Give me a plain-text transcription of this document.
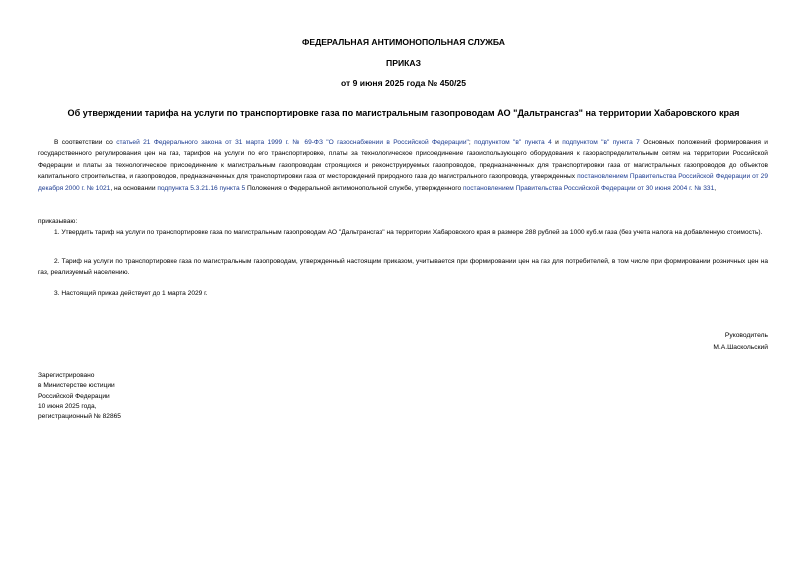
ФЕДЕРАЛЬНАЯ АНТИМОНОПОЛЬНАЯ СЛУЖБА
ПРИКАЗ
от 9 июня 2025 года № 450/25
Об утверждении тарифа на услуги по транспортировке газа по магистральным газопроводам АО "Дальтрансгаз" на территории Хабаровского края
В соответствии со статьей 21 Федерального закона от 31 марта 1999 г. № 69-ФЗ "О газоснабжении в Российской Федерации"; подпунктом "в" пункта 4 и подпунктом "в" пункта 7 Основных положений формирования и государственного регулирования цен на газ, тарифов на услуги по его транспортировке, платы за технологическое присоединение газоиспользующего оборудования к газораспределительным сетям на территории Российской Федерации и платы за технологическое присоединение к магистральным газопроводам строящихся и реконструируемых газопроводов, предназначенных для транспортировки газа от магистральных газопроводов до объектов капитального строительства, и газопроводов, предназначенных для транспортировки газа от месторождений природного газа до магистрального газопровода, утвержденных постановлением Правительства Российской Федерации от 29 декабря 2000 г. № 1021, на основании подпункта 5.3.21.16 пункта 5 Положения о Федеральной антимонопольной службе, утвержденного постановлением Правительства Российской Федерации от 30 июня 2004 г. № 331,
приказываю:
1. Утвердить тариф на услуги по транспортировке газа по магистральным газопроводам АО "Дальтрансгаз" на территории Хабаровского края в размере 288 рублей за 1000 куб.м газа (без учета налога на добавленную стоимость).
2. Тариф на услуги по транспортировке газа по магистральным газопроводам, утвержденный настоящим приказом, учитывается при формировании цен на газ для потребителей, в том числе при формировании розничных цен на газ, реализуемый населению.
3. Настоящий приказ действует до 1 марта 2029 г.
Руководитель
М.А.Шаскольский
Зарегистрировано
в Министерстве юстиции
Российской Федерации
10 июня 2025 года,
регистрационный № 82865
